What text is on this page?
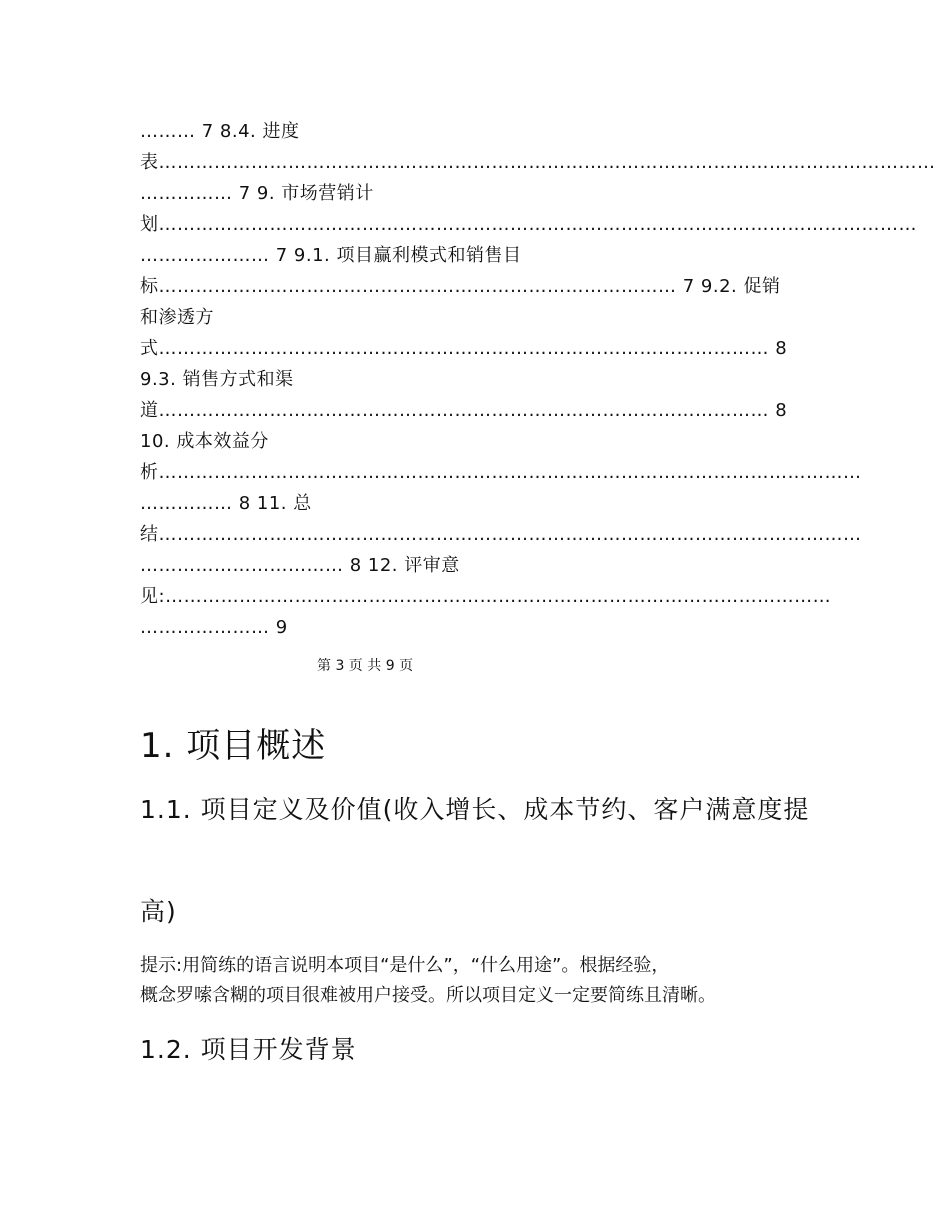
……… 7 8.4. 进度
表………………………………………………………………………………………………………………
…………… 7 9. 市场营销计
划……………………………………………………………………………………………………………
………………… 7 9.1. 项目赢利模式和销售目
标………………………………………………………………………… 7 9.2. 促销
和渗透方
式……………………………………………………………………………………… 8
9.3. 销售方式和渠
道……………………………………………………………………………………… 8
10. 成本效益分
析……………………………………………………………………………………………………
…………… 8 11. 总
结……………………………………………………………………………………………………
…………………………… 8 12. 评审意
见:………………………………………………………………………………………………
………………… 9
第 3 页 共 9 页
1. 项目概述
1.1. 项目定义及价值(收入增长、成本节约、客户满意度提
高)

提示:用简练的语言说明本项目“是什么”，“什么用途”。根据经验，

概念罗嗦含糊的项目很难被用户接受。所以项目定义一定要简练且清晰。

1.2. 项目开发背景
